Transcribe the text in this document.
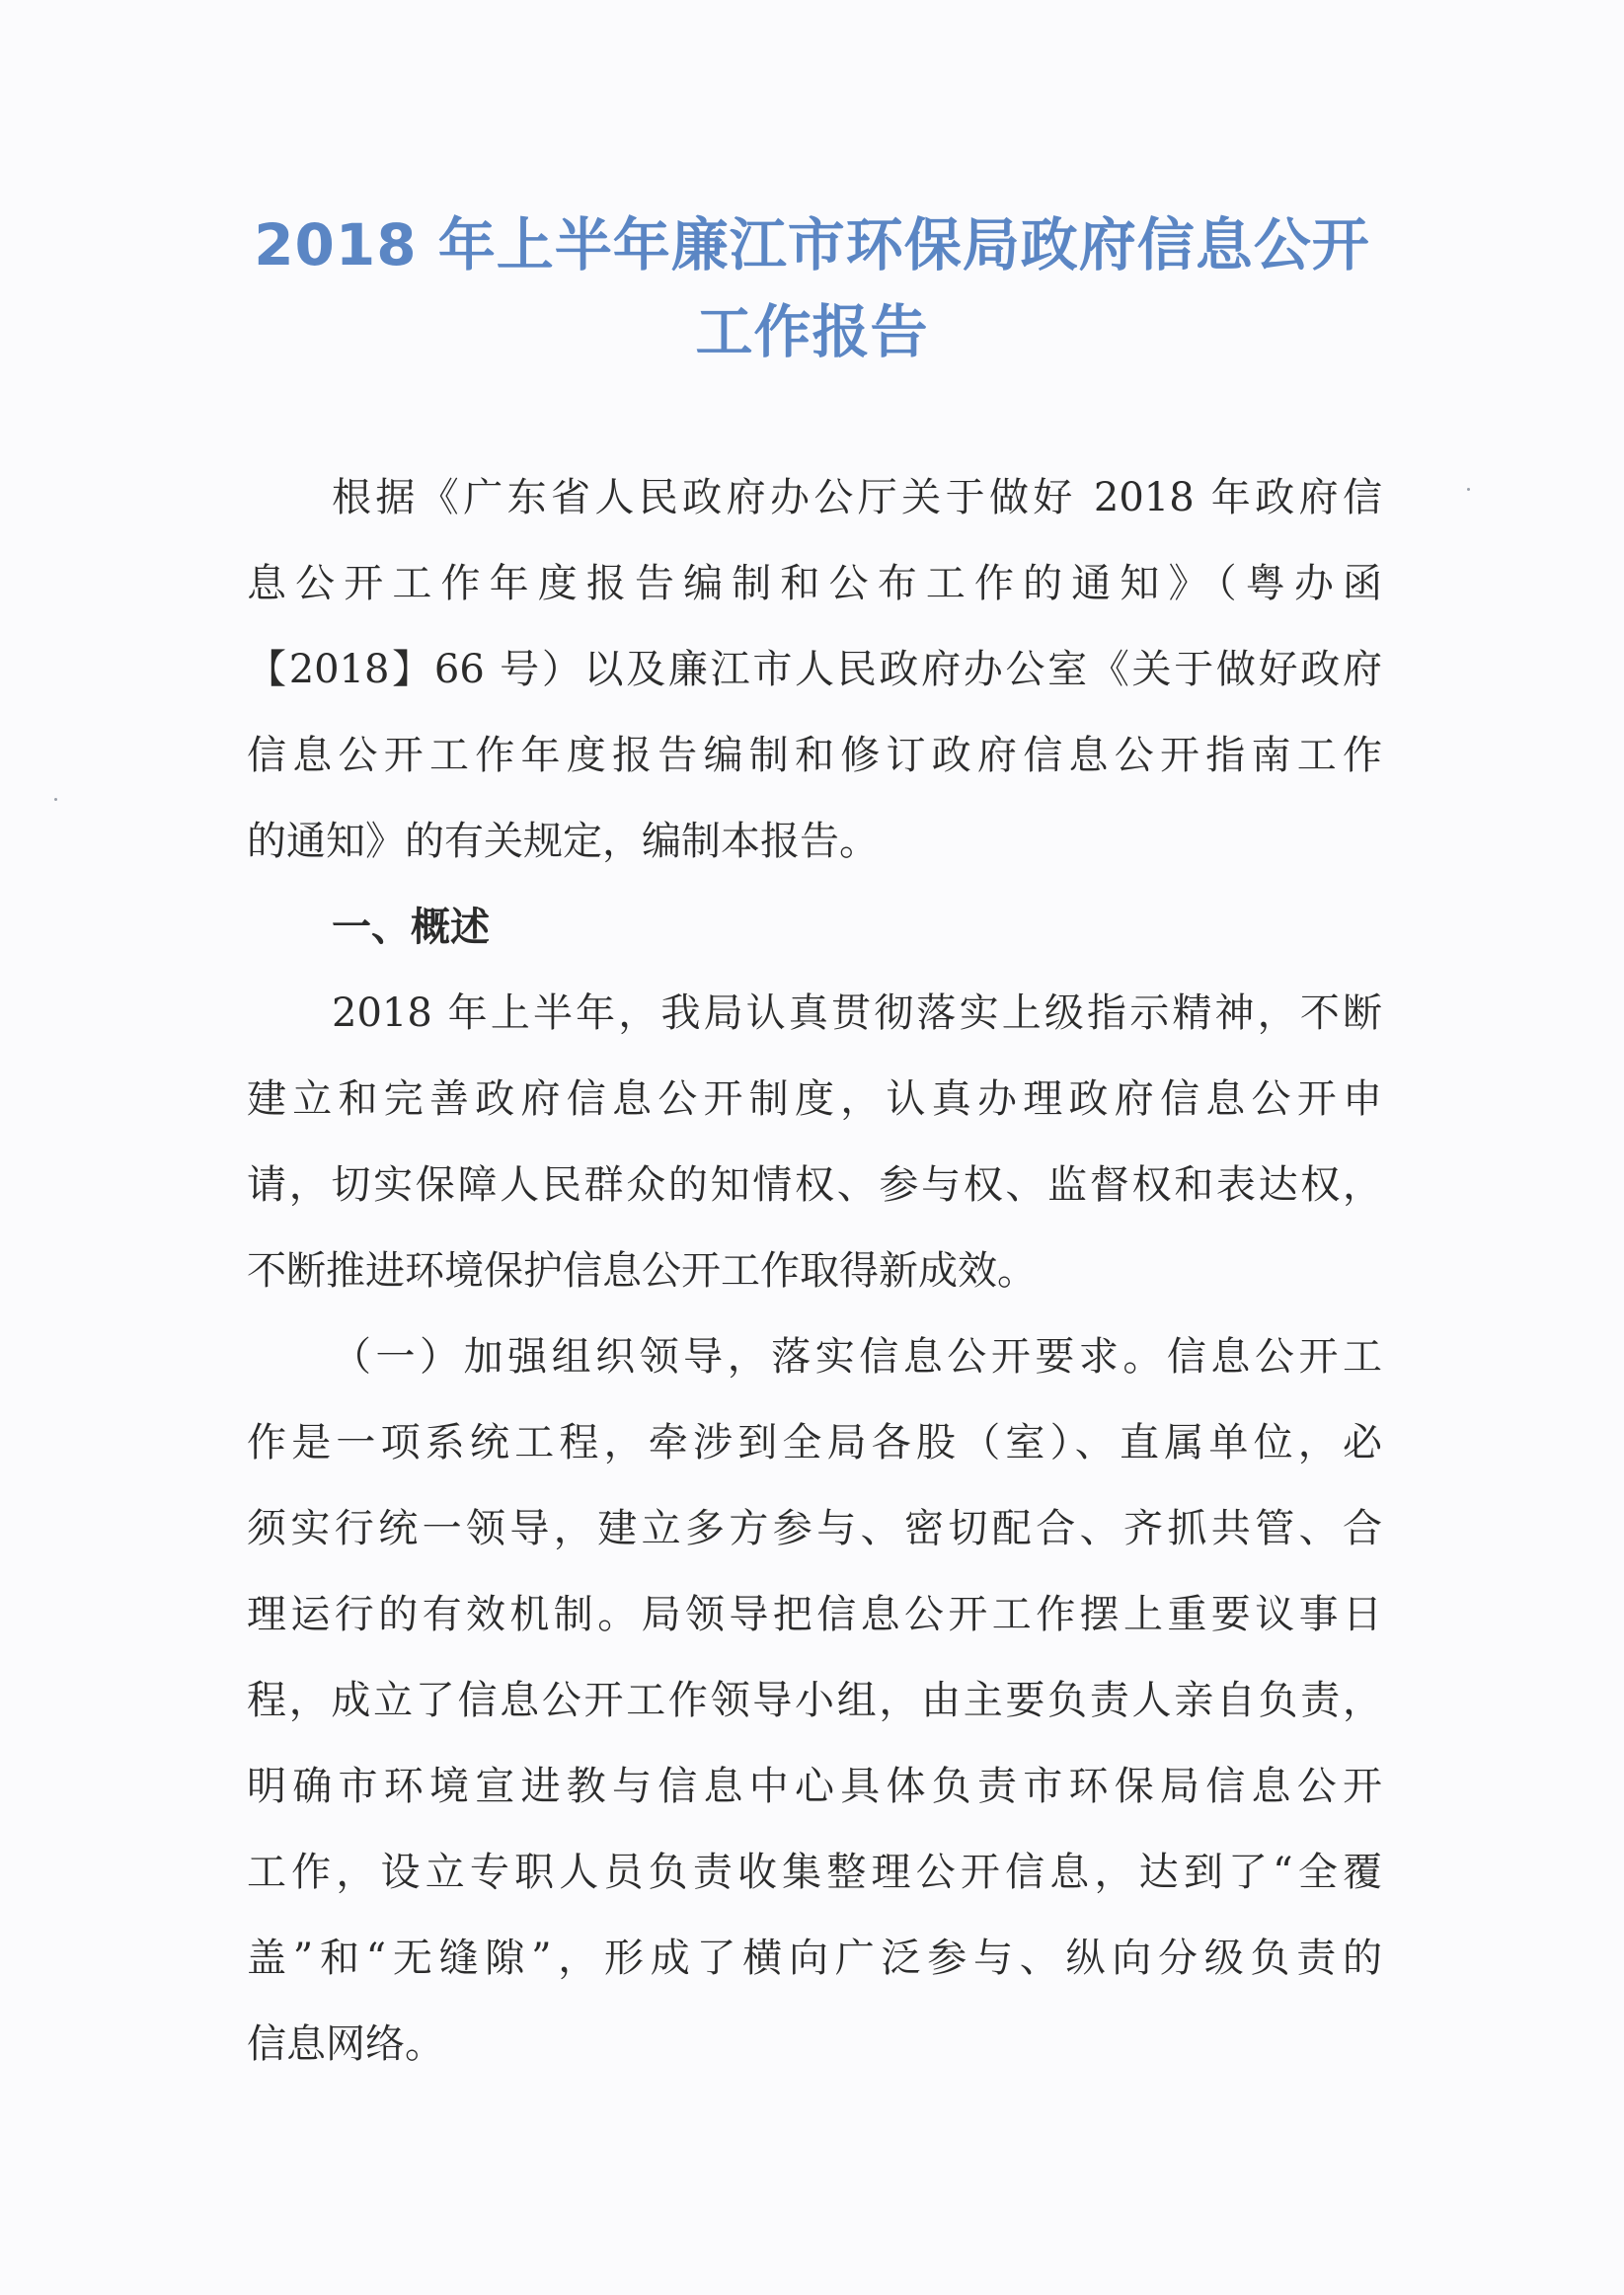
2018 年上半年廉江市环保局政府信息公开
工作报告
根据《广东省人民政府办公厅关于做好 2018 年政府信
息公开工作年度报告编制和公布工作的通知》（粤办函
【2018】66 号）以及廉江市人民政府办公室《关于做好政府
信息公开工作年度报告编制和修订政府信息公开指南工作
的通知》的有关规定，编制本报告。
一、概述
2018 年上半年，我局认真贯彻落实上级指示精神，不断
建立和完善政府信息公开制度，认真办理政府信息公开申
请，切实保障人民群众的知情权、参与权、监督权和表达权，
不断推进环境保护信息公开工作取得新成效。
（一）加强组织领导，落实信息公开要求。信息公开工
作是一项系统工程，牵涉到全局各股（室）、直属单位，必
须实行统一领导，建立多方参与、密切配合、齐抓共管、合
理运行的有效机制。局领导把信息公开工作摆上重要议事日
程，成立了信息公开工作领导小组，由主要负责人亲自负责，
明确市环境宣进教与信息中心具体负责市环保局信息公开
工作，设立专职人员负责收集整理公开信息，达到了“全覆
盖”和“无缝隙”，形成了横向广泛参与、纵向分级负责的
信息网络。
